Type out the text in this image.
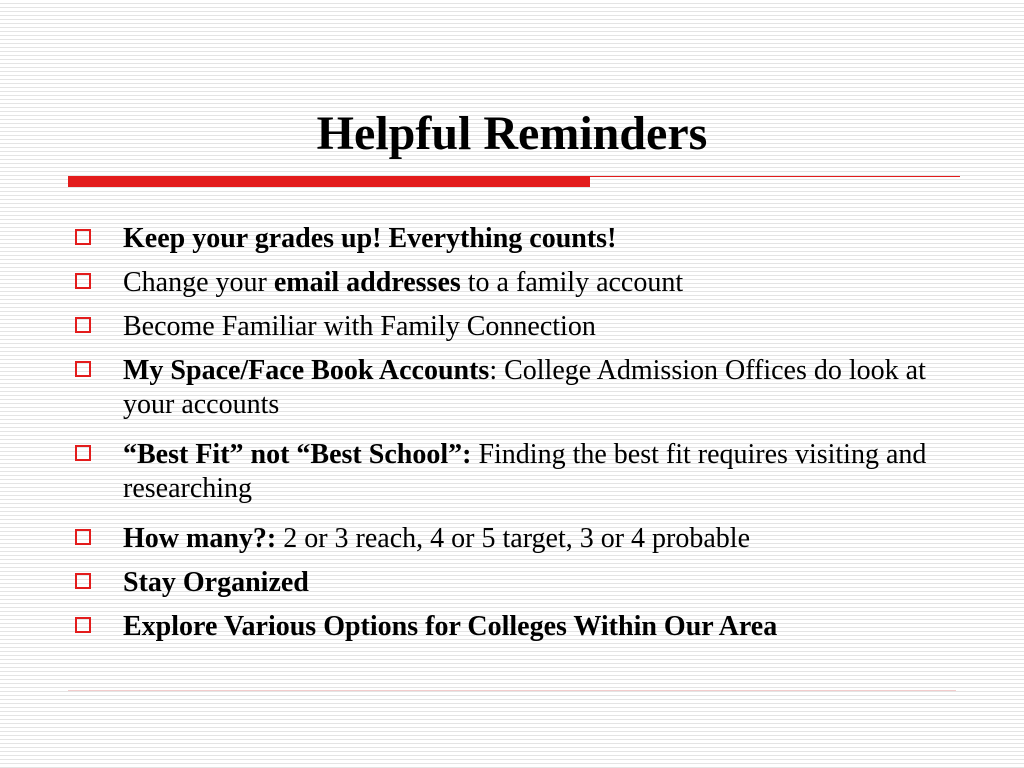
Helpful Reminders
Keep your grades up! Everything counts!
Change your email addresses to a family account
Become Familiar with Family Connection
My Space/Face Book Accounts: College Admission Offices do look at your accounts
“Best Fit” not “Best School”: Finding the best fit requires visiting and researching
How many?: 2 or 3 reach, 4 or 5 target, 3 or 4 probable
Stay Organized
Explore Various Options for Colleges Within Our Area
